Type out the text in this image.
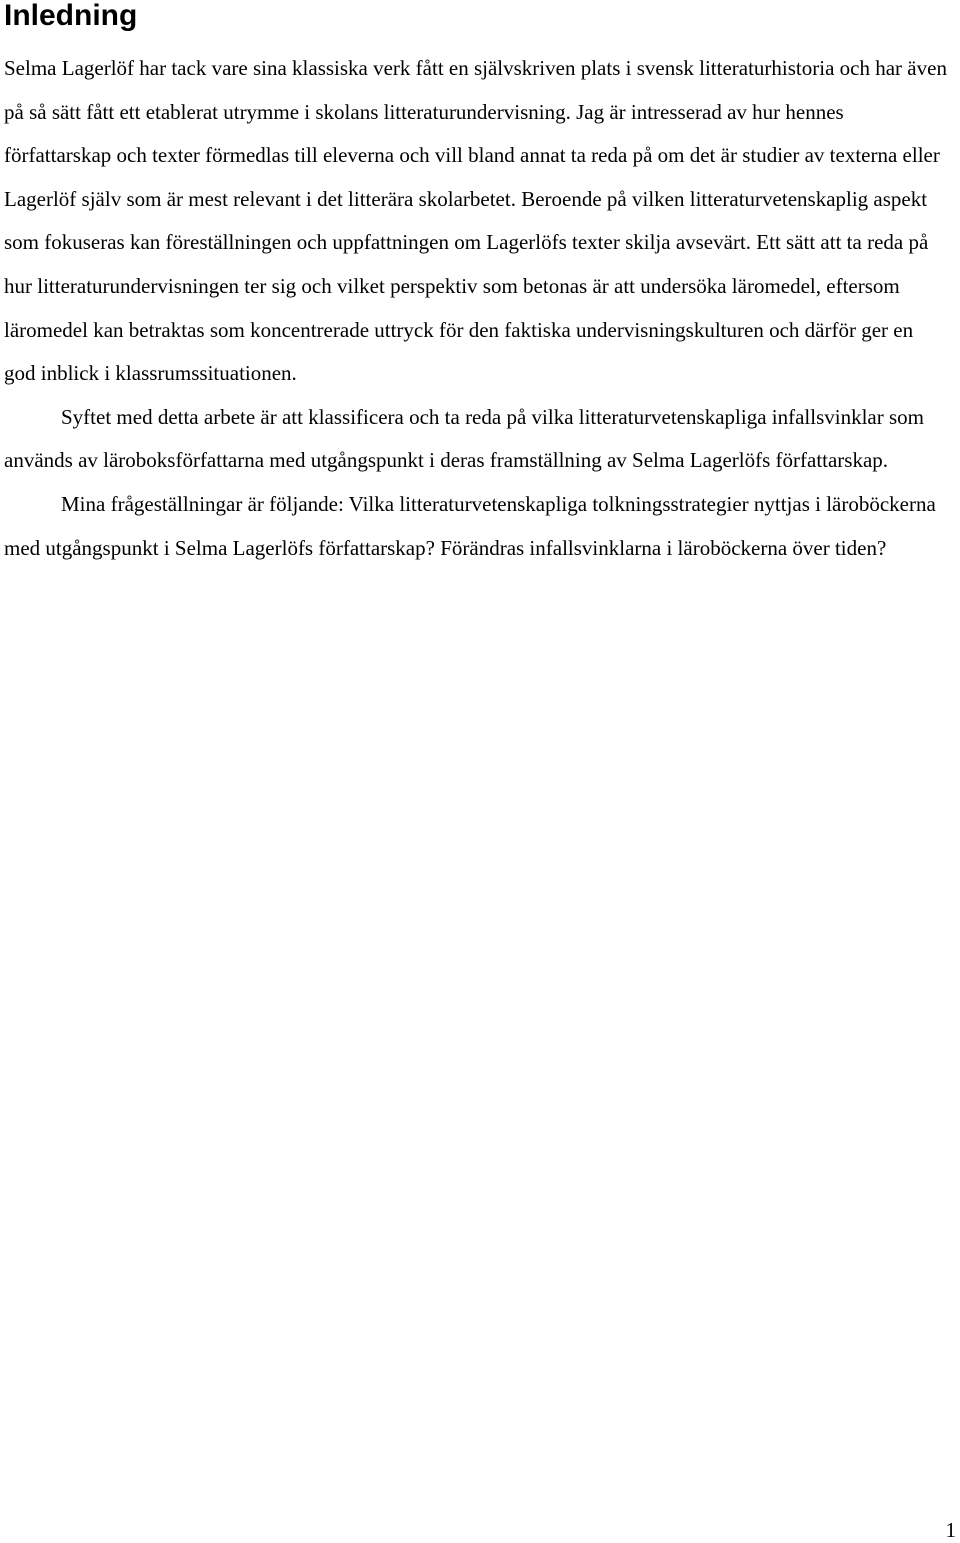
Inledning

Selma Lagerlöf har tack vare sina klassiska verk fått en självskriven plats i svensk litteraturhistoria och har även på så sätt fått ett etablerat utrymme i skolans litteraturundervisning. Jag är intresserad av hur hennes författarskap och texter förmedlas till eleverna och vill bland annat ta reda på om det är studier av texterna eller Lagerlöf själv som är mest relevant i det litterära skolarbetet. Beroende på vilken litteraturvetenskaplig aspekt som fokuseras kan föreställningen och uppfattningen om Lagerlöfs texter skilja avsevärt. Ett sätt att ta reda på hur litteraturundervisningen ter sig och vilket perspektiv som betonas är att undersöka läromedel, eftersom läromedel kan betraktas som koncentrerade uttryck för den faktiska undervisningskulturen och därför ger en god inblick i klassrumssituationen.

Syftet med detta arbete är att klassificera och ta reda på vilka litteraturvetenskapliga infallsvinklar som används av läroboksförfattarna med utgångspunkt i deras framställning av Selma Lagerlöfs författarskap.

Mina frågeställningar är följande: Vilka litteraturvetenskapliga tolkningsstrategier nyttjas i läroböckerna med utgångspunkt i Selma Lagerlöfs författarskap? Förändras infallsvinklarna i läroböckerna över tiden?

1
